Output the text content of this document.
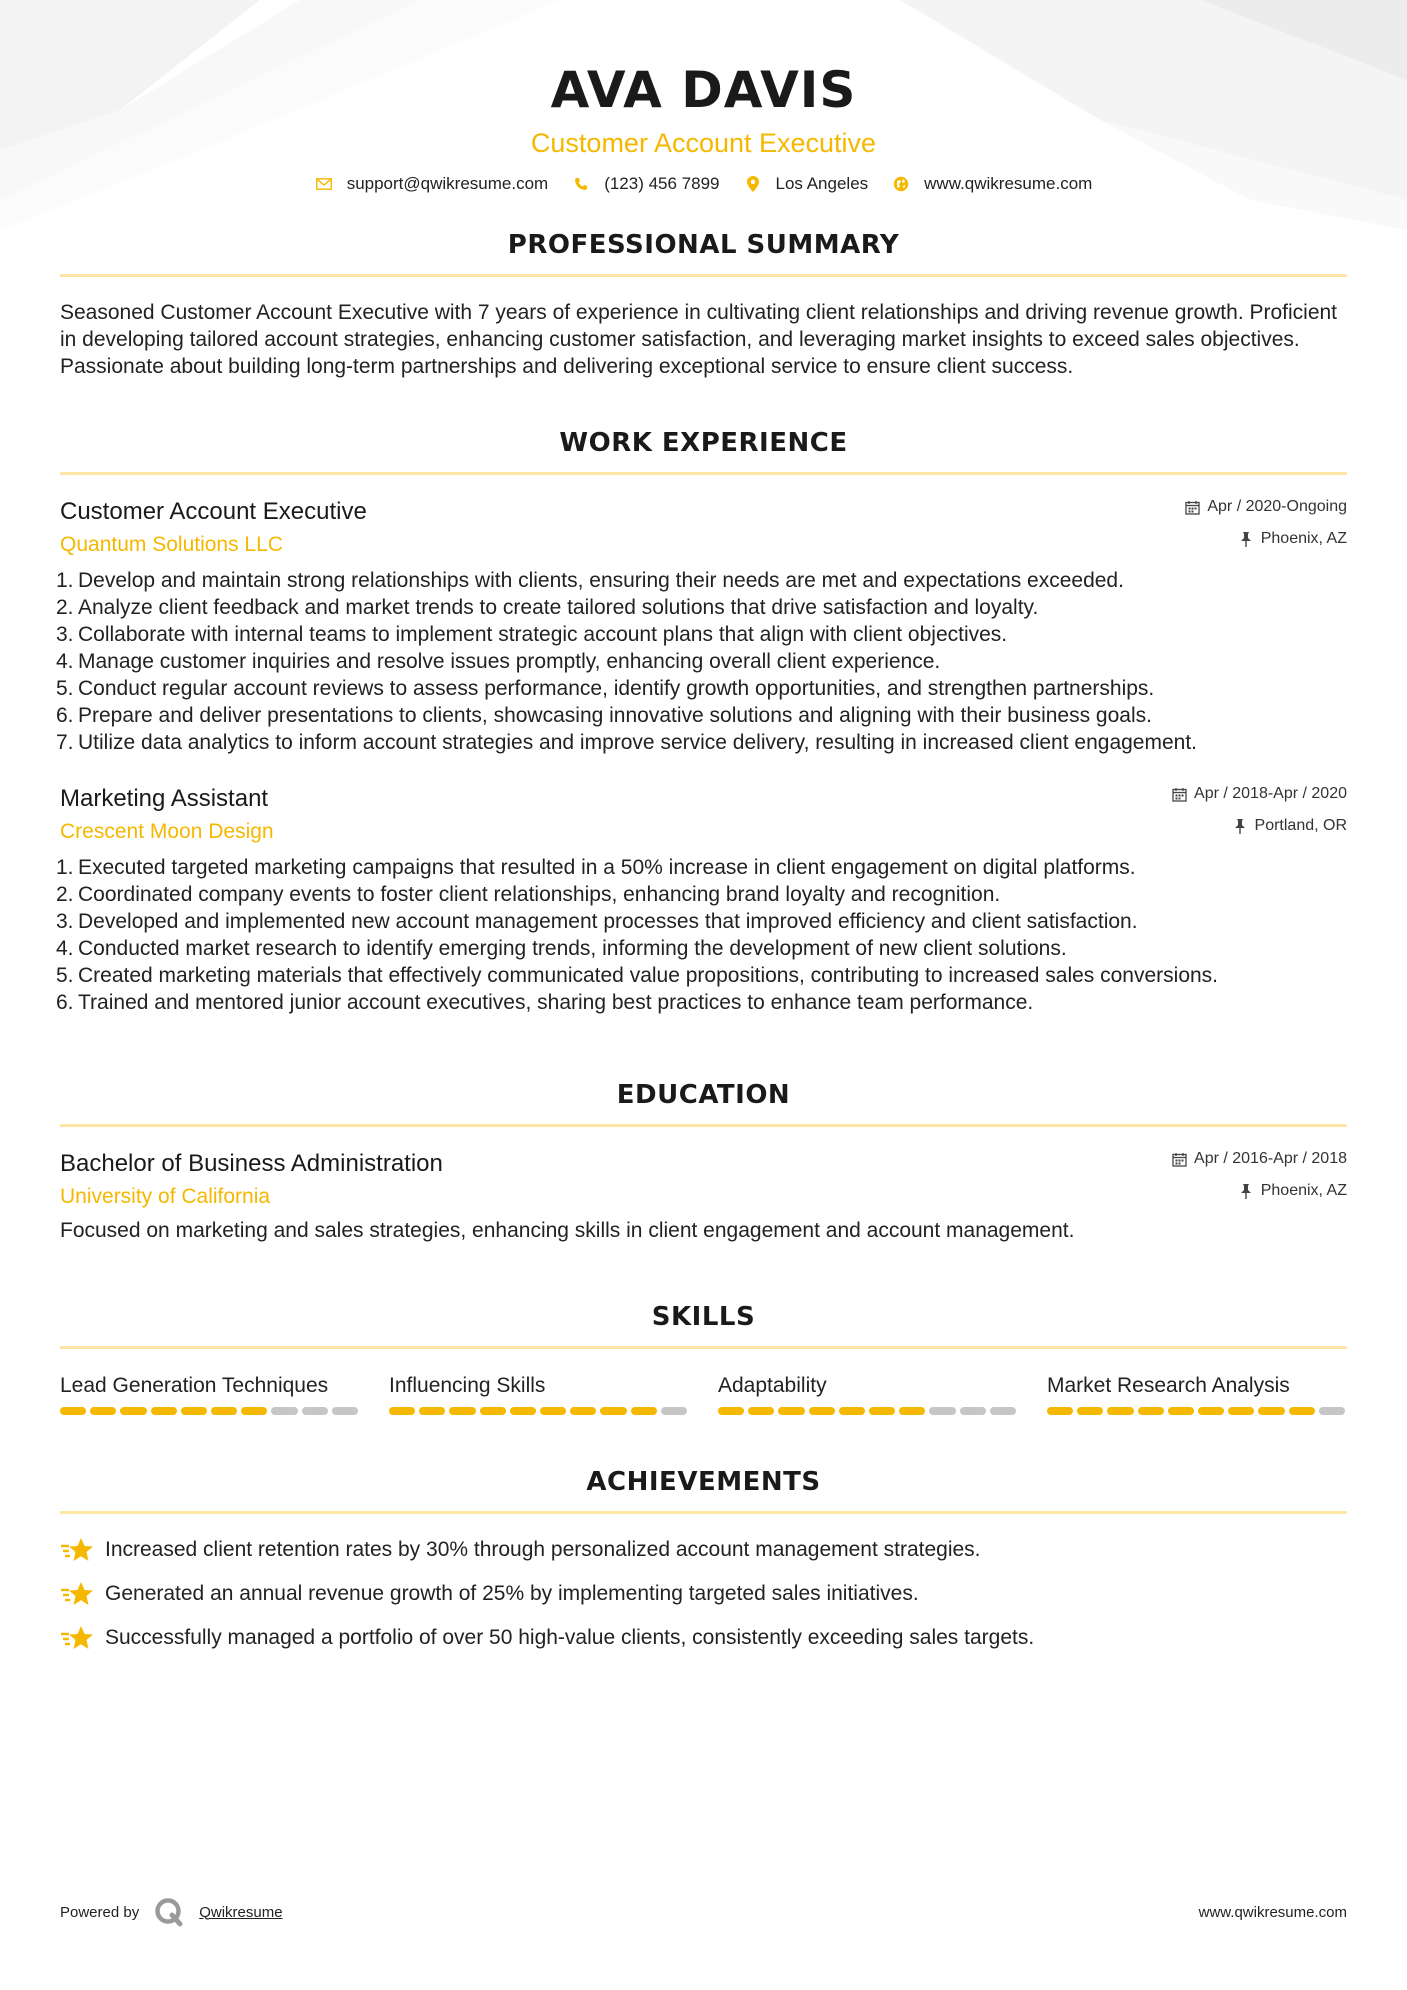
AVA DAVIS
Customer Account Executive
support@qwikresume.com	(123) 456 7899	Los Angeles	www.qwikresume.com
PROFESSIONAL SUMMARY

Seasoned Customer Account Executive with 7 years of experience in cultivating client relationships and driving revenue growth. Proficient in developing tailored account strategies, enhancing customer satisfaction, and leveraging market insights to exceed sales objectives. Passionate about building long-term partnerships and delivering exceptional service to ensure client success.

WORK EXPERIENCE
Customer Account Executive
Quantum Solutions LLC
Apr / 2020-Ongoing
Phoenix, AZ
1. Develop and maintain strong relationships with clients, ensuring their needs are met and expectations exceeded.
2. Analyze client feedback and market trends to create tailored solutions that drive satisfaction and loyalty.
3. Collaborate with internal teams to implement strategic account plans that align with client objectives.
4. Manage customer inquiries and resolve issues promptly, enhancing overall client experience.
5. Conduct regular account reviews to assess performance, identify growth opportunities, and strengthen partnerships.
6. Prepare and deliver presentations to clients, showcasing innovative solutions and aligning with their business goals.
7. Utilize data analytics to inform account strategies and improve service delivery, resulting in increased client engagement.
Marketing Assistant
Crescent Moon Design
Apr / 2018-Apr / 2020
Portland, OR
1. Executed targeted marketing campaigns that resulted in a 50% increase in client engagement on digital platforms.
2. Coordinated company events to foster client relationships, enhancing brand loyalty and recognition.
3. Developed and implemented new account management processes that improved efficiency and client satisfaction.
4. Conducted market research to identify emerging trends, informing the development of new client solutions.
5. Created marketing materials that effectively communicated value propositions, contributing to increased sales conversions.
6. Trained and mentored junior account executives, sharing best practices to enhance team performance.
EDUCATION
Bachelor of Business Administration
University of California
Apr / 2016-Apr / 2018
Phoenix, AZ

Focused on marketing and sales strategies, enhancing skills in client engagement and account management.

SKILLS
Lead Generation Techniques	Influencing Skills	Adaptability	Market Research Analysis
ACHIEVEMENTS
Increased client retention rates by 30% through personalized account management strategies.
Generated an annual revenue growth of 25% by implementing targeted sales initiatives.
Successfully managed a portfolio of over 50 high-value clients, consistently exceeding sales targets.
Powered by	Qwikresume	www.qwikresume.com
